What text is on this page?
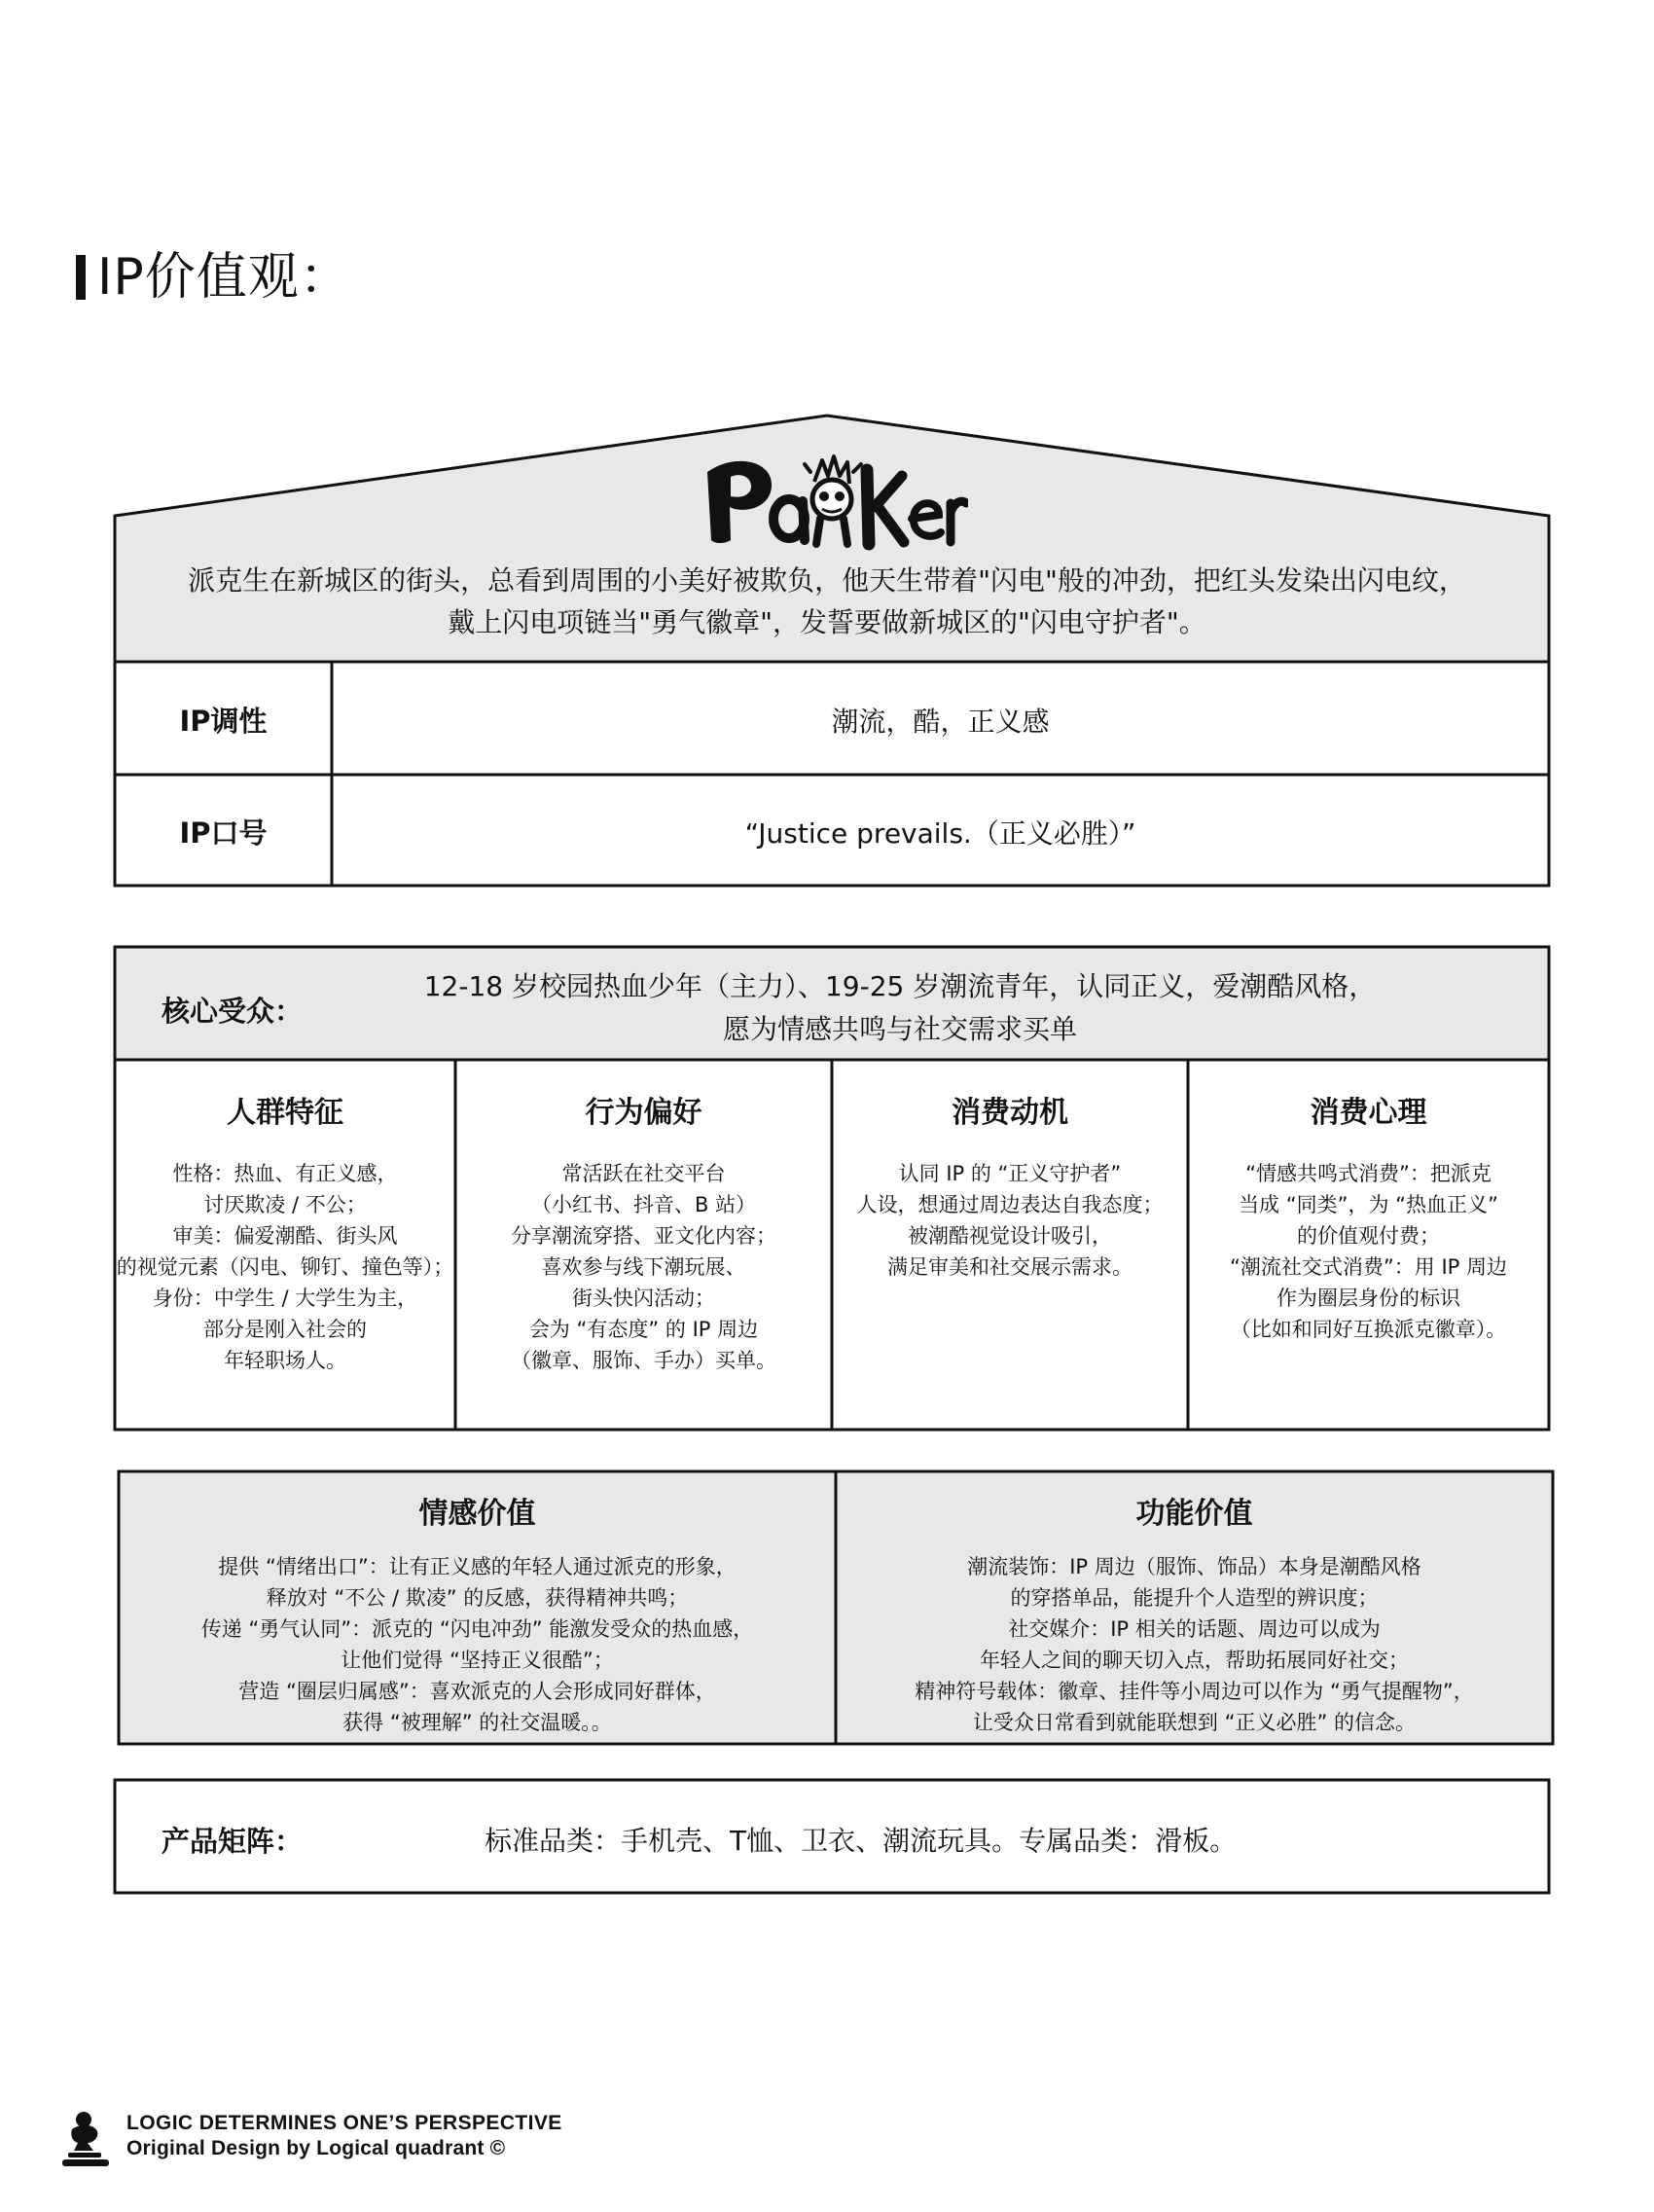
IP价值观：
派克生在新城区的街头，总看到周围的小美好被欺负，他天生带着"闪电"般的冲劲，把红头发染出闪电纹，
戴上闪电项链当"勇气徽章"，发誓要做新城区的"闪电守护者"。
IP调性	潮流，酷，正义感
IP口号	“Justice prevails.（正义必胜）”
核心受众：
12-18 岁校园热血少年（主力）、19-25 岁潮流青年，认同正义，爱潮酷风格，
愿为情感共鸣与社交需求买单
人群特征
性格：热血、有正义感，
讨厌欺凌 / 不公；
审美：偏爱潮酷、街头风
的视觉元素（闪电、铆钉、撞色等）；
身份：中学生 / 大学生为主，
部分是刚入社会的
年轻职场人。
行为偏好
常活跃在社交平台
（小红书、抖音、B 站）
分享潮流穿搭、亚文化内容；
喜欢参与线下潮玩展、
街头快闪活动；
会为 “有态度” 的 IP 周边
（徽章、服饰、手办）买单。
消费动机
认同 IP 的 “正义守护者”
人设，想通过周边表达自我态度；
被潮酷视觉设计吸引，
满足审美和社交展示需求。
消费心理
“情感共鸣式消费”：把派克
当成 “同类”，为 “热血正义”
的价值观付费；
“潮流社交式消费”：用 IP 周边
作为圈层身份的标识
（比如和同好互换派克徽章）。
情感价值
提供 “情绪出口”：让有正义感的年轻人通过派克的形象，
释放对 “不公 / 欺凌” 的反感，获得精神共鸣；
传递 “勇气认同”：派克的 “闪电冲劲” 能激发受众的热血感，
让他们觉得 “坚持正义很酷”；
营造 “圈层归属感”：喜欢派克的人会形成同好群体，
获得 “被理解” 的社交温暖。。
功能价值
潮流装饰：IP 周边（服饰、饰品）本身是潮酷风格
的穿搭单品，能提升个人造型的辨识度；
社交媒介：IP 相关的话题、周边可以成为
年轻人之间的聊天切入点，帮助拓展同好社交；
精神符号载体：徽章、挂件等小周边可以作为 “勇气提醒物”，
让受众日常看到就能联想到 “正义必胜” 的信念。
产品矩阵：	标准品类：手机壳、T恤、卫衣、潮流玩具。专属品类：滑板。
LOGIC DETERMINES ONE’S PERSPECTIVE
Original Design by Logical quadrant ©
